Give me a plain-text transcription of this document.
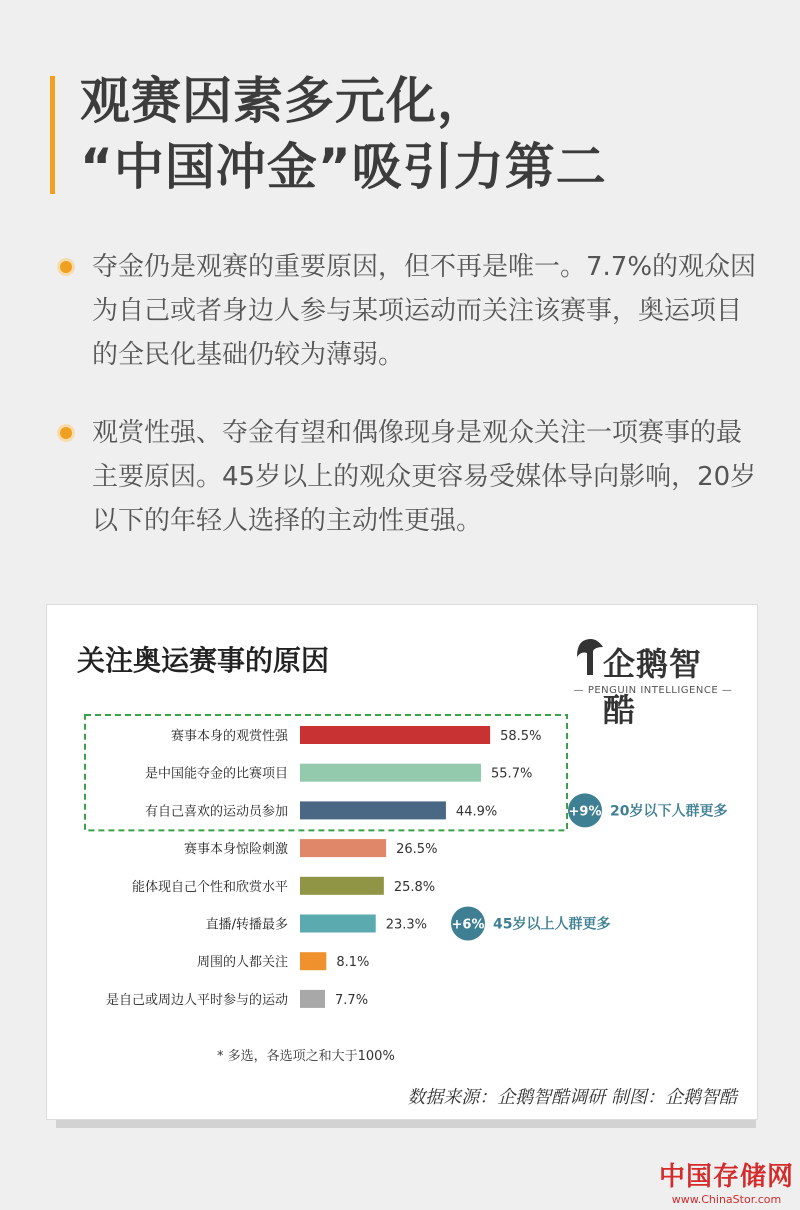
观赛因素多元化，
“中国冲金”吸引力第二
夺金仍是观赛的重要原因，但不再是唯一。7.7%的观众因为自己或者身边人参与某项运动而关注该赛事，奥运项目的全民化基础仍较为薄弱。
观赏性强、夺金有望和偶像现身是观众关注一项赛事的最主要原因。45岁以上的观众更容易受媒体导向影响，20岁以下的年轻人选择的主动性更强。
赛事本身的观赏性强	58.5%
是中国能夺金的比赛项目	55.7%
有自己喜欢的运动员参加	44.9%
赛事本身惊险刺激	26.5%
能体现自己个性和欣赏水平	25.8%
直播/转播最多	23.3%
周围的人都关注	8.1%
是自己或周边人平时参与的运动	7.7%
+9% 20岁以下人群更多
+6% 45岁以上人群更多
关注奥运赛事的原因	企鹅智酷
— PENGUIN INTELLIGENCE —
* 多选，各选项之和大于100%
数据来源：企鹅智酷调研 制图：企鹅智酷
中国存储网
www.ChinaStor.com
